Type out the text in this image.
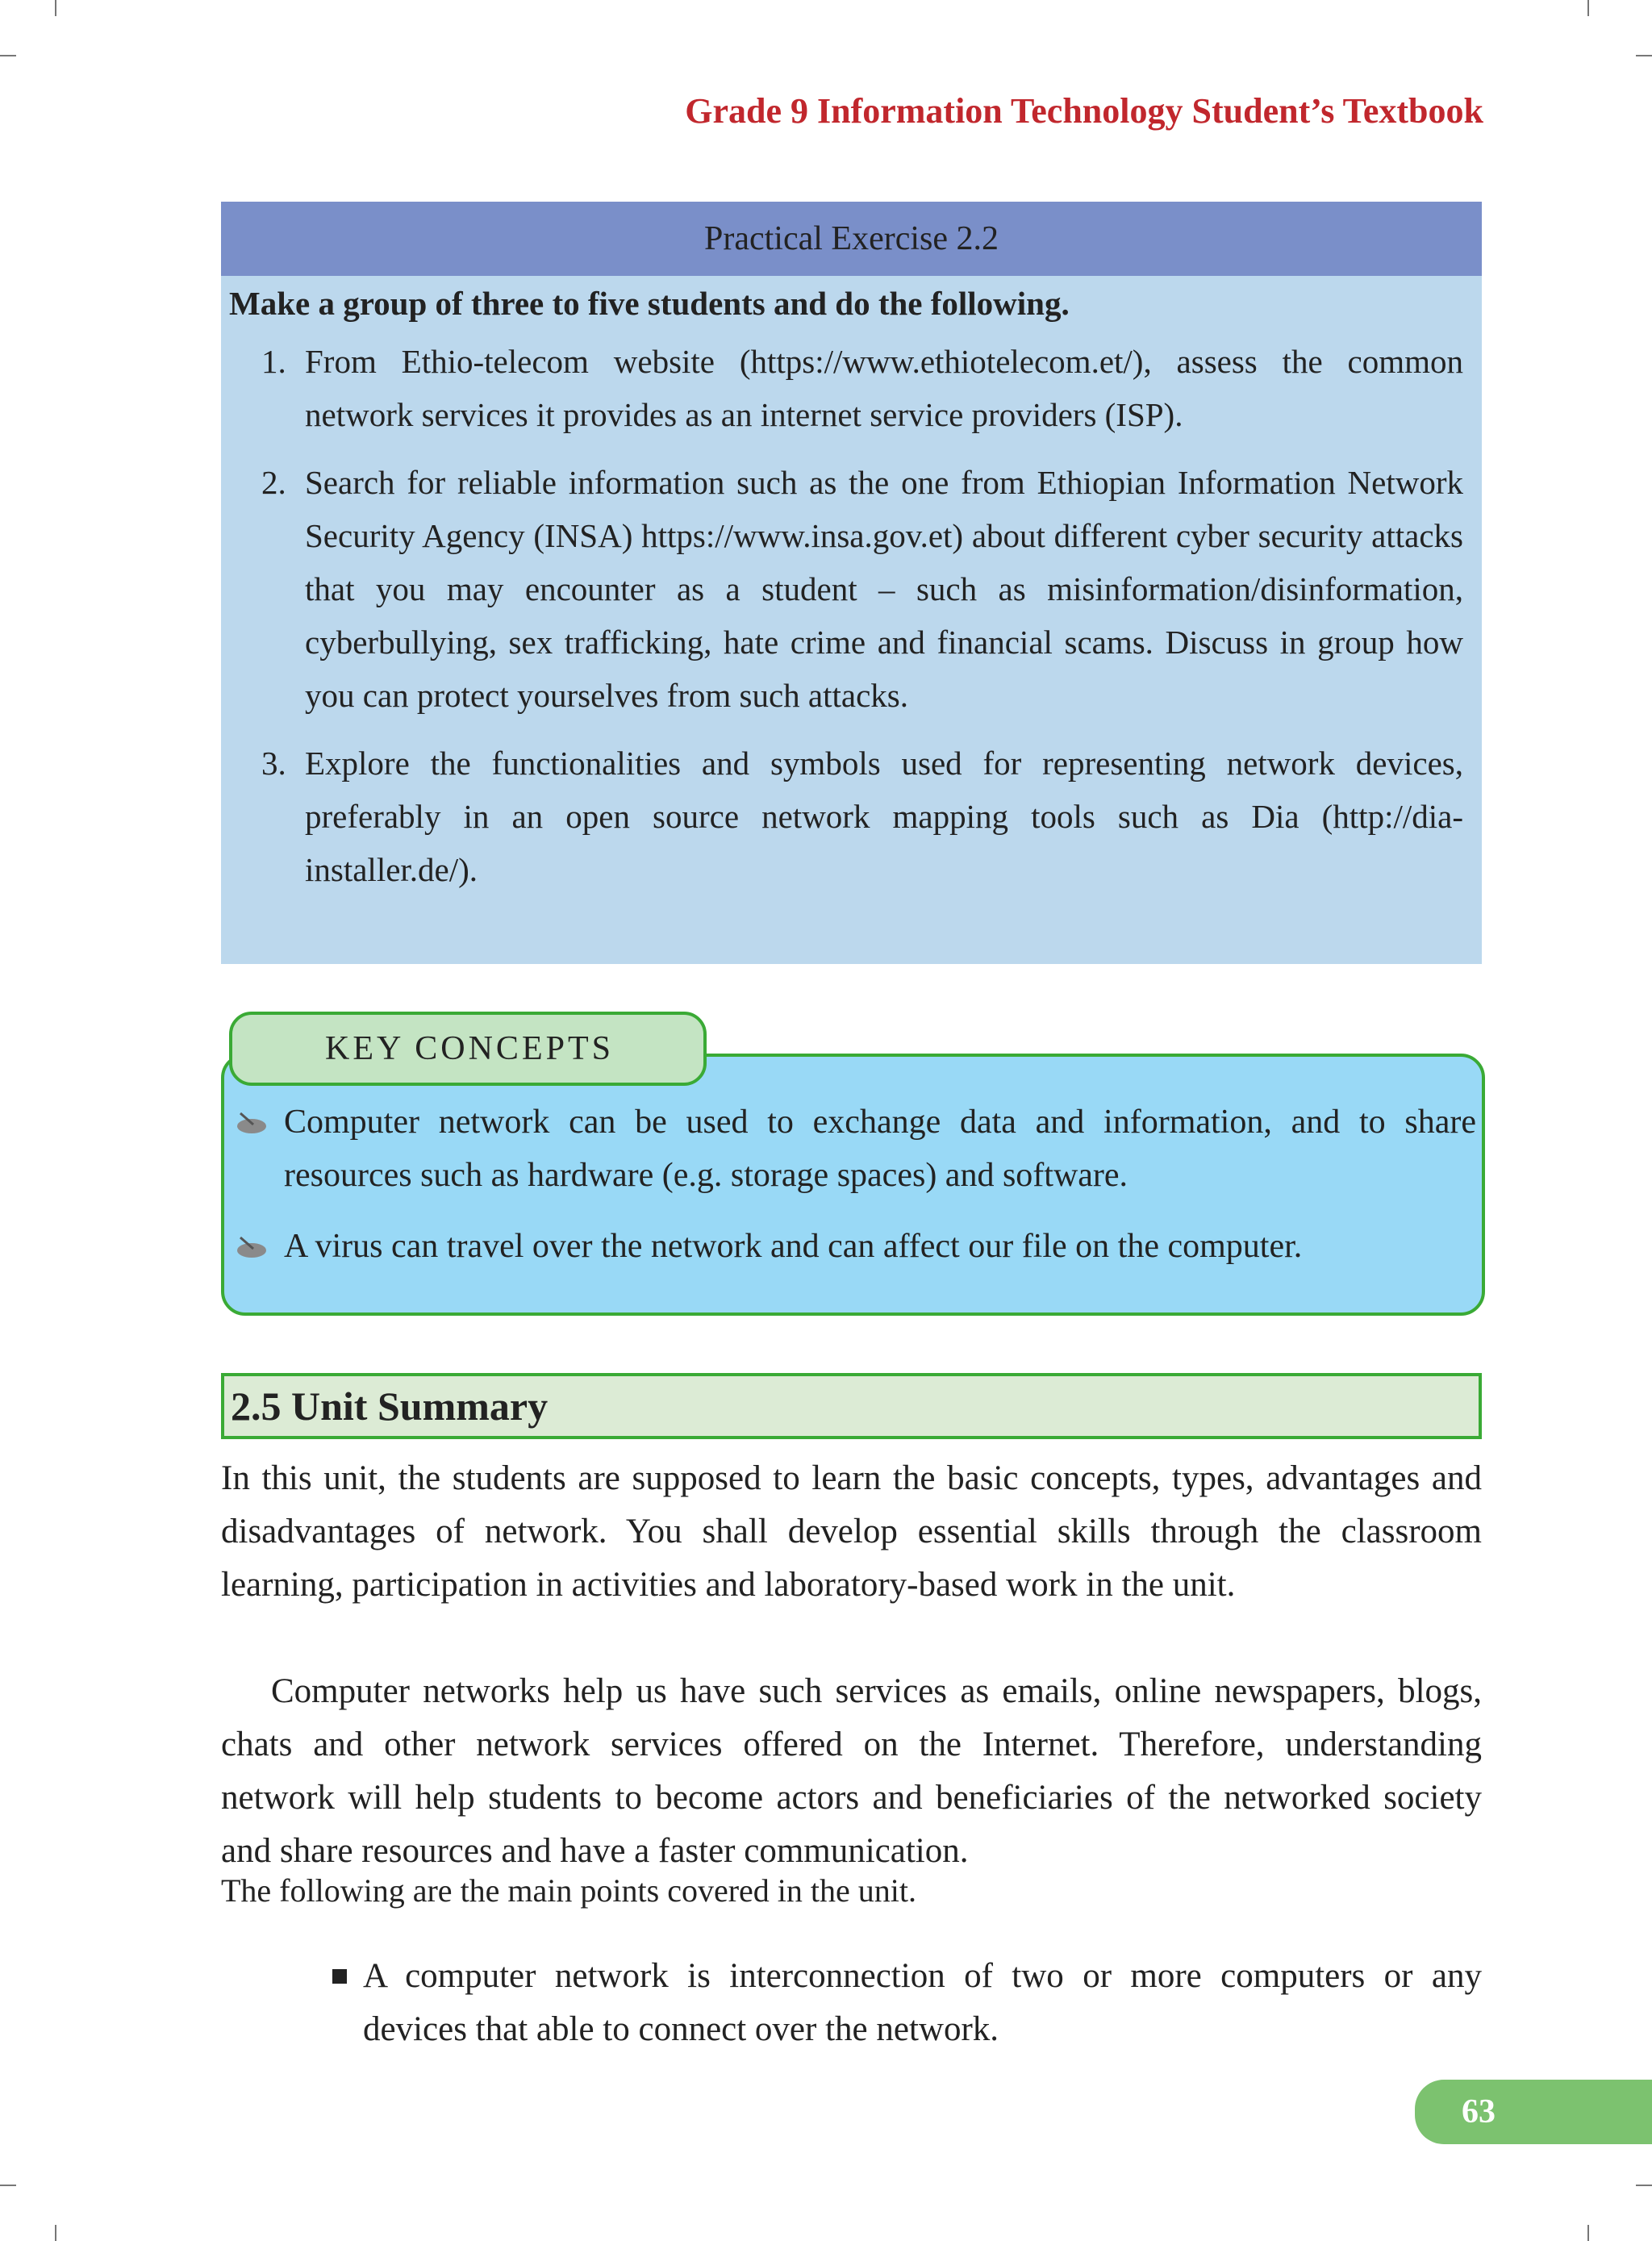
Grade 9 Information Technology Student’s Textbook
Practical Exercise 2.2
Make a group of three to five students and do the following.
1. From Ethio-telecom website (https://www.ethiotelecom.et/), assess the common network services it provides as an internet service providers (ISP).
2. Search for reliable information such as the one from Ethiopian Information Network Security Agency (INSA) https://www.insa.gov.et) about different cyber security attacks that you may encounter as a student – such as misinformation/disinformation, cyberbullying, sex trafficking, hate crime and financial scams. Discuss in group how you can protect yourselves from such attacks.
3. Explore the functionalities and symbols used for representing network devices, preferably in an open source network mapping tools such as Dia (http://dia-installer.de/).
KEY CONCEPTS
Computer network can be used to exchange data and information, and to share resources such as hardware (e.g. storage spaces) and software.
A virus can travel over the network and can affect our file on the computer.
2.5 Unit Summary
In this unit, the students are supposed to learn the basic concepts, types, advantages and disadvantages of network. You shall develop essential skills through the classroom learning, participation in activities and laboratory-based work in the unit.
Computer networks help us have such services as emails, online newspapers, blogs, chats and other network services offered on the Internet. Therefore, understanding network will help students to become actors and beneficiaries of the networked society and share resources and have a faster communication.
The following are the main points covered in the unit.
A computer network is interconnection of two or more computers or any devices that able to connect over the network.
63
